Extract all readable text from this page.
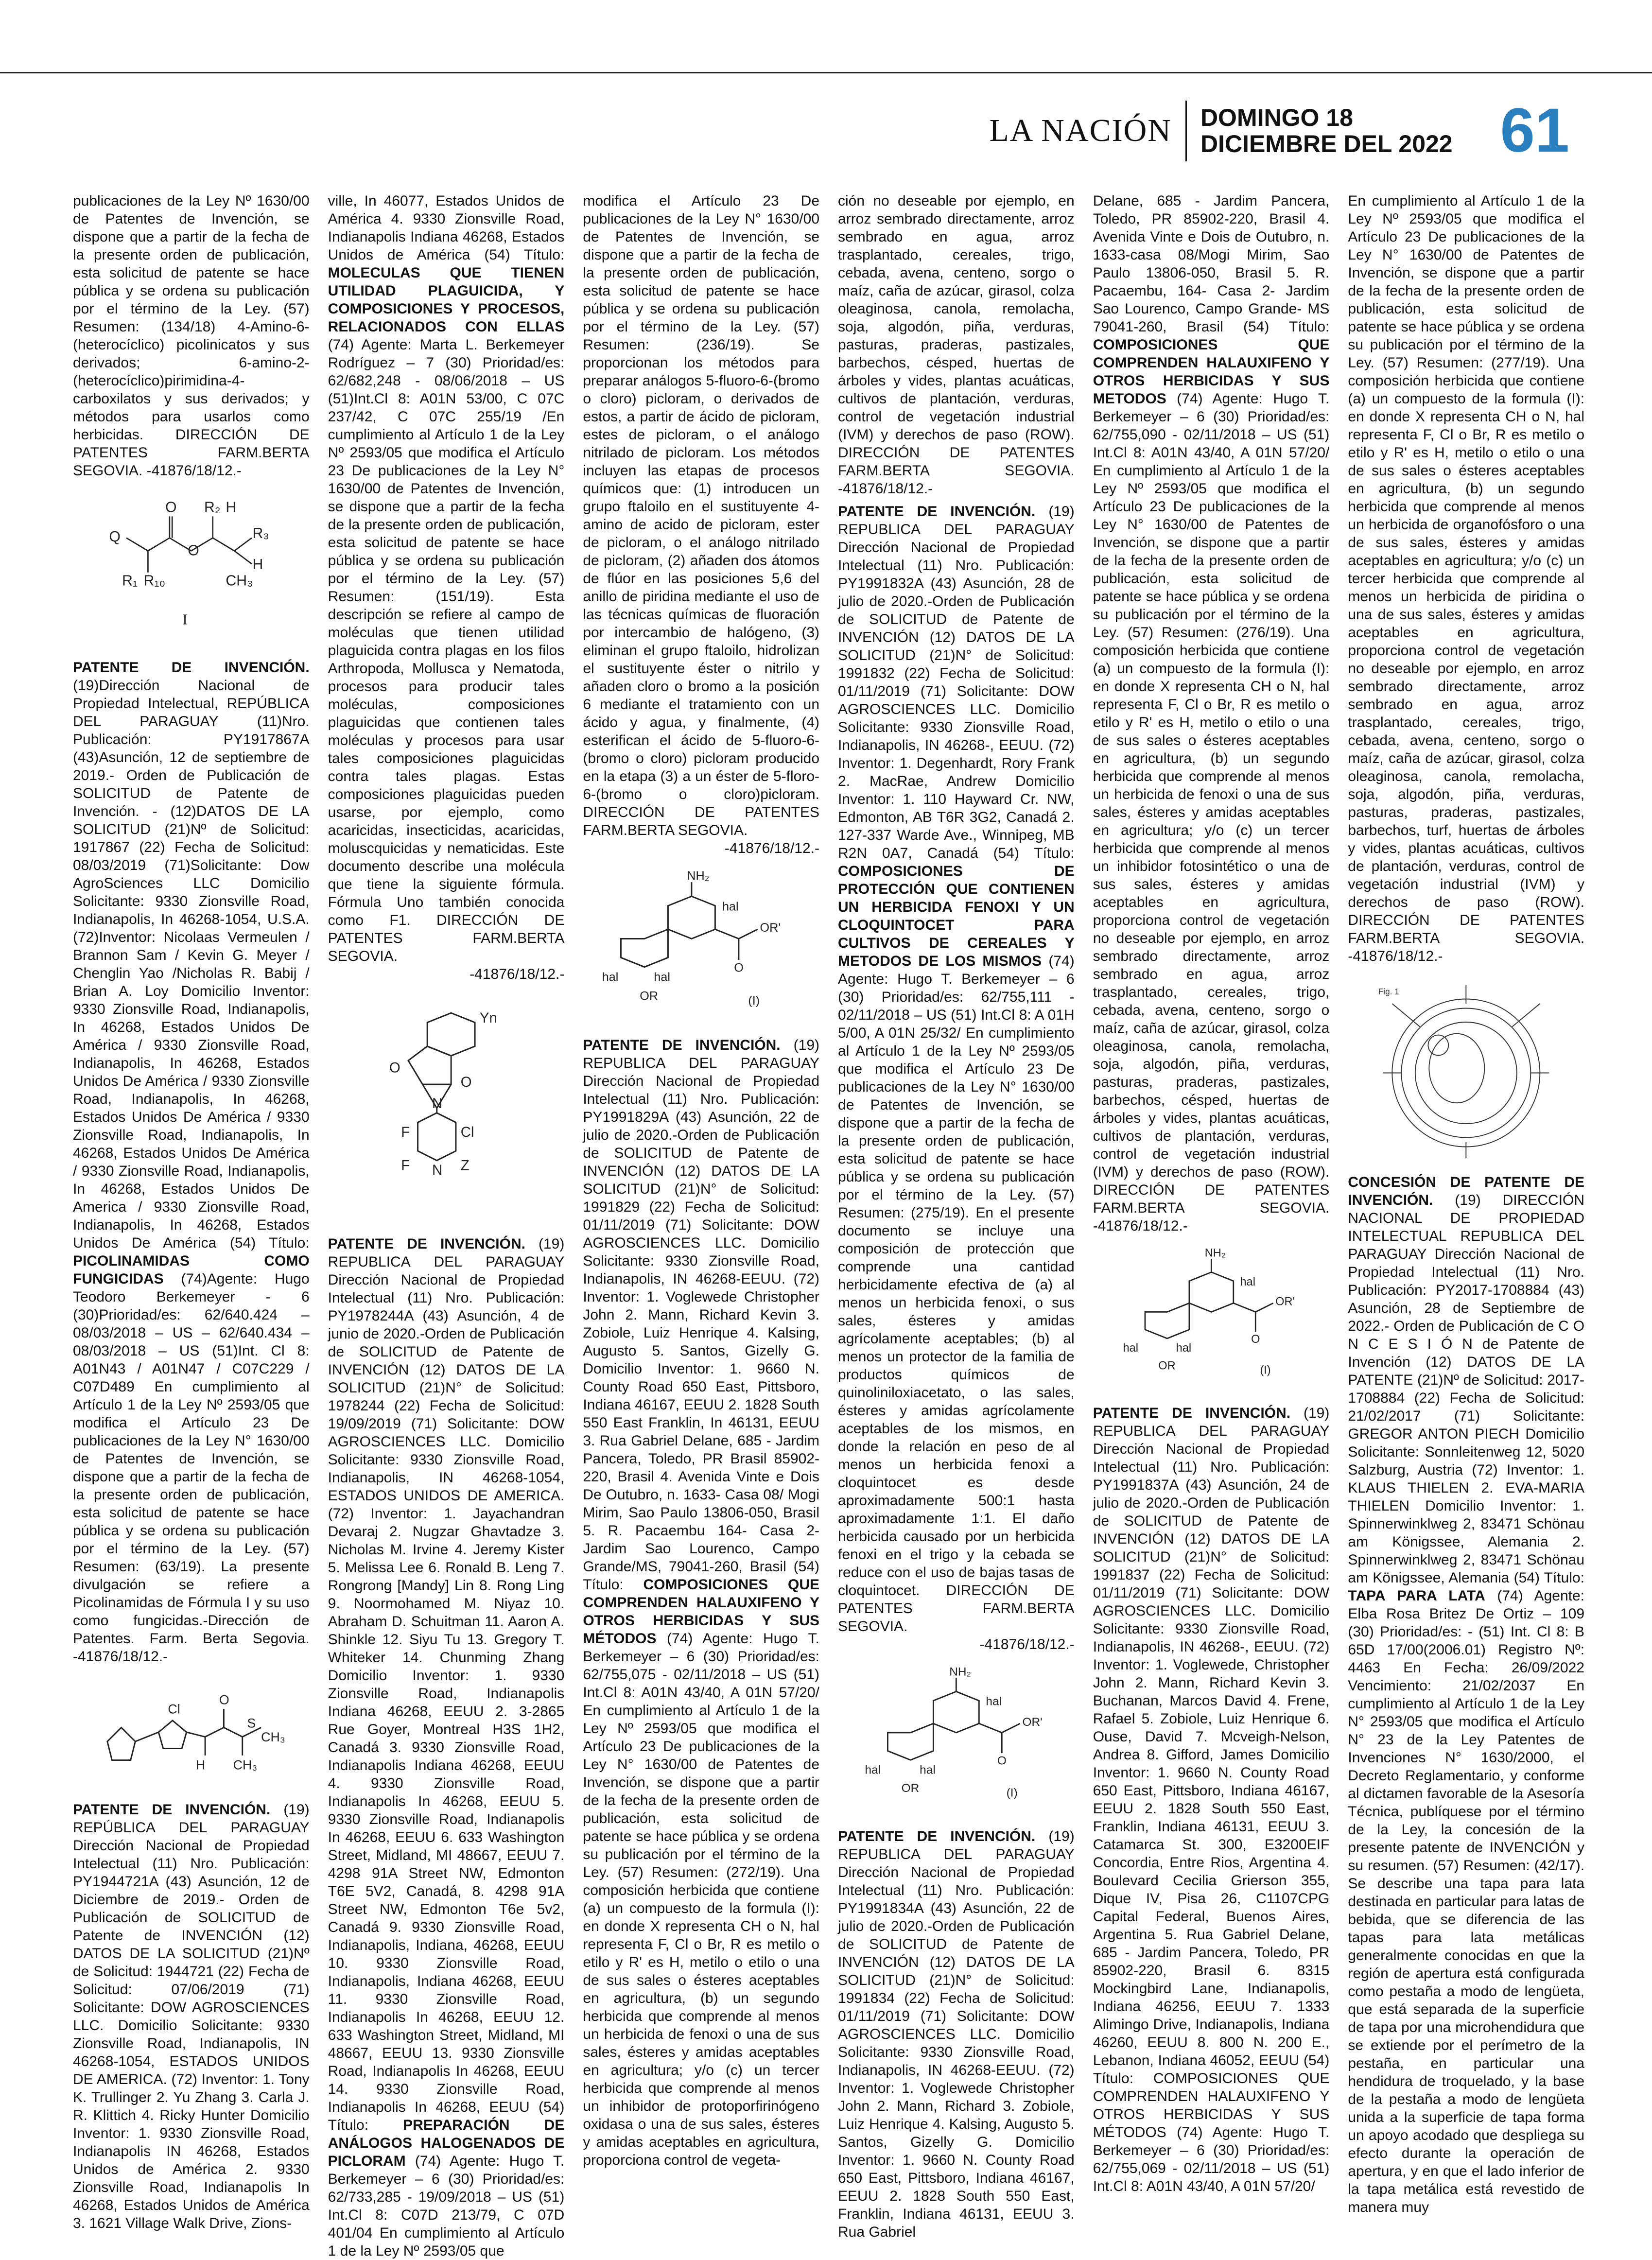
LA NACIÓN DOMINGO 18
DICIEMBRE DEL 2022 61

publicaciones de la Ley Nº 1630/00 de Patentes de Invención, se dispone que a partir de la fecha de la presente orden de publicación, esta solicitud de patente se hace pública y se ordena su publicación por el término de la Ley. (57) Resumen: (134/18) 4-Amino-6-(heterocíclico) picolinicatos y sus derivados; 6-amino-2-(heterocíclico)pirimidina-4-carboxilatos y sus derivados; y métodos para usarlos como herbicidas. DIRECCIÓN DE PATENTES FARM.BERTA SEGOVIA. -41876/18/12.-

Q
O
O
R₂ H
R₃
H
R₁ R₁₀	CH₃
I

PATENTE DE INVENCIÓN. (19)Dirección Nacional de Propiedad Intelectual, REPÚBLICA DEL PARAGUAY (11)Nro. Publicación: PY1917867A (43)Asunción, 12 de septiembre de 2019.- Orden de Publicación de SOLICITUD de Patente de Invención. - (12)DATOS DE LA SOLICITUD (21)Nº de Solicitud: 1917867 (22) Fecha de Solicitud: 08/03/2019 (71)Solicitante: Dow AgroSciences LLC Domicilio Solicitante: 9330 Zionsville Road, Indianapolis, In 46268-1054, U.S.A. (72)Inventor: Nicolaas Vermeulen / Brannon Sam / Kevin G. Meyer / Chenglin Yao /Nicholas R. Babij / Brian A. Loy Domicilio Inventor: 9330 Zionsville Road, Indianapolis, In 46268, Estados Unidos De América / 9330 Zionsville Road, Indianapolis, In 46268, Estados Unidos De América / 9330 Zionsville Road, Indianapolis, In 46268, Estados Unidos De América / 9330 Zionsville Road, Indianapolis, In 46268, Estados Unidos De América / 9330 Zionsville Road, Indianapolis, In 46268, Estados Unidos De America / 9330 Zionsville Road, Indianapolis, In 46268, Estados Unidos De América (54) Título: PICOLINAMIDAS COMO FUNGICIDAS (74)Agente: Hugo Teodoro Berkemeyer - 6 (30)Prioridad/es: 62/640.424 – 08/03/2018 – US – 62/640.434 – 08/03/2018 – US (51)Int. Cl 8: A01N43 / A01N47 / C07C229 / C07D489 En cumplimiento al Artículo 1 de la Ley Nº 2593/05 que modifica el Artículo 23 De publicaciones de la Ley N° 1630/00 de Patentes de Invención, se dispone que a partir de la fecha de la presente orden de publicación, esta solicitud de patente se hace pública y se ordena su publicación por el término de la Ley. (57) Resumen: (63/19). La presente divulgación se refiere a Picolinamidas de Fórmula I y su uso como fungicidas.-Dirección de Patentes. Farm. Berta Segovia. -41876/18/12.-

Cl
O
S
CH₃
H CH₃

PATENTE DE INVENCIÓN. (19) REPÚBLICA DEL PARAGUAY Dirección Nacional de Propiedad Intelectual (11) Nro. Publicación: PY1944721A (43) Asunción, 12 de Diciembre de 2019.- Orden de Publicación de SOLICITUD de Patente de INVENCIÓN (12) DATOS DE LA SOLICITUD (21)Nº de Solicitud: 1944721 (22) Fecha de Solicitud: 07/06/2019 (71) Solicitante: DOW AGROSCIENCES LLC. Domicilio Solicitante: 9330 Zionsville Road, Indianapolis, IN 46268-1054, ESTADOS UNIDOS DE AMERICA. (72) Inventor: 1. Tony K. Trullinger 2. Yu Zhang 3. Carla J. R. Klittich 4. Ricky Hunter Domicilio Inventor: 1. 9330 Zionsville Road, Indianapolis IN 46268, Estados Unidos de América 2. 9330 Zionsville Road, Indianapolis In 46268, Estados Unidos de América 3. 1621 Village Walk Drive, Zions-

ville, In 46077, Estados Unidos de América 4. 9330 Zionsville Road, Indianapolis Indiana 46268, Estados Unidos de América (54) Título: MOLECULAS QUE TIENEN UTILIDAD PLAGUICIDA, Y COMPOSICIONES Y PROCESOS, RELACIONADOS CON ELLAS (74) Agente: Marta L. Berkemeyer Rodríguez – 7 (30) Prioridad/es: 62/682,248 - 08/06/2018 – US (51)Int.Cl 8: A01N 53/00, C 07C 237/42, C 07C 255/19 /En cumplimiento al Artículo 1 de la Ley Nº 2593/05 que modifica el Artículo 23 De publicaciones de la Ley N° 1630/00 de Patentes de Invención, se dispone que a partir de la fecha de la presente orden de publicación, esta solicitud de patente se hace pública y se ordena su publicación por el término de la Ley. (57) Resumen: (151/19). Esta descripción se refiere al campo de moléculas que tienen utilidad plaguicida contra plagas en los filos Arthropoda, Mollusca y Nematoda, procesos para producir tales moléculas, composiciones plaguicidas que contienen tales moléculas y procesos para usar tales composiciones plaguicidas contra tales plagas. Estas composiciones plaguicidas pueden usarse, por ejemplo, como acaricidas, insecticidas, acaricidas, moluscquicidas y nematicidas. Este documento describe una molécula que tiene la siguiente fórmula. Fórmula Uno también conocida como F1. DIRECCIÓN DE PATENTES FARM.BERTA SEGOVIA.
-41876/18/12.-

Yn
O
O
N
F	Cl
F N Z

PATENTE DE INVENCIÓN. (19) REPUBLICA DEL PARAGUAY Dirección Nacional de Propiedad Intelectual (11) Nro. Publicación: PY1978244A (43) Asunción, 4 de junio de 2020.-Orden de Publicación de SOLICITUD de Patente de INVENCIÓN (12) DATOS DE LA SOLICITUD (21)N° de Solicitud: 1978244 (22) Fecha de Solicitud: 19/09/2019 (71) Solicitante: DOW AGROSCIENCES LLC. Domicilio Solicitante: 9330 Zionsville Road, Indianapolis, IN 46268-1054, ESTADOS UNIDOS DE AMERICA. (72) Inventor: 1. Jayachandran Devaraj 2. Nugzar Ghavtadze 3. Nicholas M. Irvine 4. Jeremy Kister 5. Melissa Lee 6. Ronald B. Leng 7. Rongrong [Mandy] Lin 8. Rong Ling 9. Noormohamed M. Niyaz 10. Abraham D. Schuitman 11. Aaron A. Shinkle 12. Siyu Tu 13. Gregory T. Whiteker 14. Chunming Zhang Domicilio Inventor: 1. 9330 Zionsville Road, Indianapolis Indiana 46268, EEUU 2. 3-2865 Rue Goyer, Montreal H3S 1H2, Canadá 3. 9330 Zionsville Road, Indianapolis Indiana 46268, EEUU 4. 9330 Zionsville Road, Indianapolis In 46268, EEUU 5. 9330 Zionsville Road, Indianapolis In 46268, EEUU 6. 633 Washington Street, Midland, MI 48667, EEUU 7. 4298 91A Street NW, Edmonton T6E 5V2, Canadá, 8. 4298 91A Street NW, Edmonton T6e 5v2, Canadá 9. 9330 Zionsville Road, Indianapolis, Indiana, 46268, EEUU 10. 9330 Zionsville Road, Indianapolis, Indiana 46268, EEUU 11. 9330 Zionsville Road, Indianapolis In 46268, EEUU 12. 633 Washington Street, Midland, MI 48667, EEUU 13. 9330 Zionsville Road, Indianapolis In 46268, EEUU 14. 9330 Zionsville Road, Indianapolis In 46268, EEUU (54) Título: PREPARACIÓN DE ANÁLOGOS HALOGENADOS DE PICLORAM (74) Agente: Hugo T. Berkemeyer – 6 (30) Prioridad/es: 62/733,285 - 19/09/2018 – US (51) Int.Cl 8: C07D 213/79, C 07D 401/04 En cumplimiento al Artículo 1 de la Ley Nº 2593/05 que

modifica el Artículo 23 De publicaciones de la Ley N° 1630/00 de Patentes de Invención, se dispone que a partir de la fecha de la presente orden de publicación, esta solicitud de patente se hace pública y se ordena su publicación por el término de la Ley. (57) Resumen: (236/19). Se proporcionan los métodos para preparar análogos 5-fluoro-6-(bromo o cloro) picloram, o derivados de estos, a partir de ácido de picloram, estes de picloram, o el análogo nitrilado de picloram. Los métodos incluyen las etapas de procesos químicos que: (1) introducen un grupo ftaloilo en el sustituyente 4- amino de acido de picloram, ester de picloram, o el análogo nitrilado de picloram, (2) añaden dos átomos de flúor en las posiciones 5,6 del anillo de piridina mediante el uso de las técnicas químicas de fluoración por intercambio de halógeno, (3) eliminan el grupo ftaloilo, hidrolizan el sustituyente éster o nitrilo y añaden cloro o bromo a la posición 6 mediante el tratamiento con un ácido y agua, y finalmente, (4) esterifican el ácido de 5-fluoro-6-(bromo o cloro) picloram producido en la etapa (3) a un éster de 5-floro-6-(bromo o cloro)picloram. DIRECCIÓN DE PATENTES FARM.BERTA SEGOVIA.
-41876/18/12.-

NH₂
hal
OR'
O
hal	hal
OR	(I)

PATENTE DE INVENCIÓN. (19) REPUBLICA DEL PARAGUAY Dirección Nacional de Propiedad Intelectual (11) Nro. Publicación: PY1991829A (43) Asunción, 22 de julio de 2020.-Orden de Publicación de SOLICITUD de Patente de INVENCIÓN (12) DATOS DE LA SOLICITUD (21)N° de Solicitud: 1991829 (22) Fecha de Solicitud: 01/11/2019 (71) Solicitante: DOW AGROSCIENCES LLC. Domicilio Solicitante: 9330 Zionsville Road, Indianapolis, IN 46268-EEUU. (72) Inventor: 1. Voglewede Christopher John 2. Mann, Richard Kevin 3. Zobiole, Luiz Henrique 4. Kalsing, Augusto 5. Santos, Gizelly G. Domicilio Inventor: 1. 9660 N. County Road 650 East, Pittsboro, Indiana 46167, EEUU 2. 1828 South 550 East Franklin, In 46131, EEUU 3. Rua Gabriel Delane, 685 - Jardim Pancera, Toledo, PR Brasil 85902-220, Brasil 4. Avenida Vinte e Dois De Outubro, n. 1633- Casa 08/ Mogi Mirim, Sao Paulo 13806-050, Brasil 5. R. Pacaembu 164- Casa 2- Jardim Sao Lourenco, Campo Grande/MS, 79041-260, Brasil (54) Título: COMPOSICIONES QUE COMPRENDEN HALAUXIFENO Y OTROS HERBICIDAS Y SUS MÉTODOS (74) Agente: Hugo T. Berkemeyer – 6 (30) Prioridad/es: 62/755,075 - 02/11/2018 – US (51) Int.Cl 8: A01N 43/40, A 01N 57/20/ En cumplimiento al Artículo 1 de la Ley Nº 2593/05 que modifica el Artículo 23 De publicaciones de la Ley N° 1630/00 de Patentes de Invención, se dispone que a partir de la fecha de la presente orden de publicación, esta solicitud de patente se hace pública y se ordena su publicación por el término de la Ley. (57) Resumen: (272/19). Una composición herbicida que contiene (a) un compuesto de la formula (I): en donde X representa CH o N, hal representa F, Cl o Br, R es metilo o etilo y R' es H, metilo o etilo o una de sus sales o ésteres aceptables en agricultura, (b) un segundo herbicida que comprende al menos un herbicida de fenoxi o una de sus sales, ésteres y amidas aceptables en agricultura; y/o (c) un tercer herbicida que comprende al menos un inhibidor de protoporfirinógeno oxidasa o una de sus sales, ésteres y amidas aceptables en agricultura, proporciona control de vegeta-

ción no deseable por ejemplo, en arroz sembrado directamente, arroz sembrado en agua, arroz trasplantado, cereales, trigo, cebada, avena, centeno, sorgo o maíz, caña de azúcar, girasol, colza oleaginosa, canola, remolacha, soja, algodón, piña, verduras, pasturas, praderas, pastizales, barbechos, césped, huertas de árboles y vides, plantas acuáticas, cultivos de plantación, verduras, control de vegetación industrial (IVM) y derechos de paso (ROW). DIRECCIÓN DE PATENTES FARM.BERTA SEGOVIA. -41876/18/12.-

PATENTE DE INVENCIÓN. (19) REPUBLICA DEL PARAGUAY Dirección Nacional de Propiedad Intelectual (11) Nro. Publicación: PY1991832A (43) Asunción, 28 de julio de 2020.-Orden de Publicación de SOLICITUD de Patente de INVENCIÓN (12) DATOS DE LA SOLICITUD (21)N° de Solicitud: 1991832 (22) Fecha de Solicitud: 01/11/2019 (71) Solicitante: DOW AGROSCIENCES LLC. Domicilio Solicitante: 9330 Zionsville Road, Indianapolis, IN 46268-, EEUU. (72) Inventor: 1. Degenhardt, Rory Frank 2. MacRae, Andrew Domicilio Inventor: 1. 110 Hayward Cr. NW, Edmonton, AB T6R 3G2, Canadá 2. 127-337 Warde Ave., Winnipeg, MB R2N 0A7, Canadá (54) Título: COMPOSICIONES DE PROTECCIÓN QUE CONTIENEN UN HERBICIDA FENOXI Y UN CLOQUINTOCET PARA CULTIVOS DE CEREALES Y METODOS DE LOS MISMOS (74) Agente: Hugo T. Berkemeyer – 6 (30) Prioridad/es: 62/755,111 - 02/11/2018 – US (51) Int.Cl 8: A 01H 5/00, A 01N 25/32/ En cumplimiento al Artículo 1 de la Ley Nº 2593/05 que modifica el Artículo 23 De publicaciones de la Ley N° 1630/00 de Patentes de Invención, se dispone que a partir de la fecha de la presente orden de publicación, esta solicitud de patente se hace pública y se ordena su publicación por el término de la Ley. (57) Resumen: (275/19). En el presente documento se incluye una composición de protección que comprende una cantidad herbicidamente efectiva de (a) al menos un herbicida fenoxi, o sus sales, ésteres y amidas agrícolamente aceptables; (b) al menos un protector de la familia de productos químicos de quinoliniloxiacetato, o las sales, ésteres y amidas agrícolamente aceptables de los mismos, en donde la relación en peso de al menos un herbicida fenoxi a cloquintocet es desde aproximadamente 500:1 hasta aproximadamente 1:1. El daño herbicida causado por un herbicida fenoxi en el trigo y la cebada se reduce con el uso de bajas tasas de cloquintocet. DIRECCIÓN DE PATENTES FARM.BERTA SEGOVIA.
-41876/18/12.-

NH₂
hal
OR'
O
hal	hal
OR	(I)

PATENTE DE INVENCIÓN. (19) REPUBLICA DEL PARAGUAY Dirección Nacional de Propiedad Intelectual (11) Nro. Publicación: PY1991834A (43) Asunción, 22 de julio de 2020.-Orden de Publicación de SOLICITUD de Patente de INVENCIÓN (12) DATOS DE LA SOLICITUD (21)N° de Solicitud: 1991834 (22) Fecha de Solicitud: 01/11/2019 (71) Solicitante: DOW AGROSCIENCES LLC. Domicilio Solicitante: 9330 Zionsville Road, Indianapolis, IN 46268-EEUU. (72) Inventor: 1. Voglewede Christopher John 2. Mann, Richard 3. Zobiole, Luiz Henrique 4. Kalsing, Augusto 5. Santos, Gizelly G. Domicilio Inventor: 1. 9660 N. County Road 650 East, Pittsboro, Indiana 46167, EEUU 2. 1828 South 550 East, Franklin, Indiana 46131, EEUU 3. Rua Gabriel

Delane, 685 - Jardim Pancera, Toledo, PR 85902-220, Brasil 4. Avenida Vinte e Dois de Outubro, n. 1633-casa 08/Mogi Mirim, Sao Paulo 13806-050, Brasil 5. R. Pacaembu, 164- Casa 2- Jardim Sao Lourenco, Campo Grande- MS 79041-260, Brasil (54) Título: COMPOSICIONES QUE COMPRENDEN HALAUXIFENO Y OTROS HERBICIDAS Y SUS METODOS (74) Agente: Hugo T. Berkemeyer – 6 (30) Prioridad/es: 62/755,090 - 02/11/2018 – US (51) Int.Cl 8: A01N 43/40, A 01N 57/20/ En cumplimiento al Artículo 1 de la Ley Nº 2593/05 que modifica el Artículo 23 De publicaciones de la Ley N° 1630/00 de Patentes de Invención, se dispone que a partir de la fecha de la presente orden de publicación, esta solicitud de patente se hace pública y se ordena su publicación por el término de la Ley. (57) Resumen: (276/19). Una composición herbicida que contiene (a) un compuesto de la formula (I): en donde X representa CH o N, hal representa F, Cl o Br, R es metilo o etilo y R' es H, metilo o etilo o una de sus sales o ésteres aceptables en agricultura, (b) un segundo herbicida que comprende al menos un herbicida de fenoxi o una de sus sales, ésteres y amidas aceptables en agricultura; y/o (c) un tercer herbicida que comprende al menos un inhibidor fotosintético o una de sus sales, ésteres y amidas aceptables en agricultura, proporciona control de vegetación no deseable por ejemplo, en arroz sembrado directamente, arroz sembrado en agua, arroz trasplantado, cereales, trigo, cebada, avena, centeno, sorgo o maíz, caña de azúcar, girasol, colza oleaginosa, canola, remolacha, soja, algodón, piña, verduras, pasturas, praderas, pastizales, barbechos, césped, huertas de árboles y vides, plantas acuáticas, cultivos de plantación, verduras, control de vegetación industrial (IVM) y derechos de paso (ROW). DIRECCIÓN DE PATENTES FARM.BERTA SEGOVIA. -41876/18/12.-

NH₂
hal
OR'
O
hal	hal
OR	(I)

PATENTE DE INVENCIÓN. (19) REPUBLICA DEL PARAGUAY Dirección Nacional de Propiedad Intelectual (11) Nro. Publicación: PY1991837A (43) Asunción, 24 de julio de 2020.-Orden de Publicación de SOLICITUD de Patente de INVENCIÓN (12) DATOS DE LA SOLICITUD (21)N° de Solicitud: 1991837 (22) Fecha de Solicitud: 01/11/2019 (71) Solicitante: DOW AGROSCIENCES LLC. Domicilio Solicitante: 9330 Zionsville Road, Indianapolis, IN 46268-, EEUU. (72) Inventor: 1. Voglewede, Christopher John 2. Mann, Richard Kevin 3. Buchanan, Marcos David 4. Frene, Rafael 5. Zobiole, Luiz Henrique 6. Ouse, David 7. Mcveigh-Nelson, Andrea 8. Gifford, James Domicilio Inventor: 1. 9660 N. County Road 650 East, Pittsboro, Indiana 46167, EEUU 2. 1828 South 550 East, Franklin, Indiana 46131, EEUU 3. Catamarca St. 300, E3200EIF Concordia, Entre Rios, Argentina 4. Boulevard Cecilia Grierson 355, Dique IV, Pisa 26, C1107CPG Capital Federal, Buenos Aires, Argentina 5. Rua Gabriel Delane, 685 - Jardim Pancera, Toledo, PR 85902-220, Brasil 6. 8315 Mockingbird Lane, Indianapolis, Indiana 46256, EEUU 7. 1333 Alimingo Drive, Indianapolis, Indiana 46260, EEUU 8. 800 N. 200 E., Lebanon, Indiana 46052, EEUU (54) Título: COMPOSICIONES QUE COMPRENDEN HALAUXIFENO Y OTROS HERBICIDAS Y SUS MÉTODOS (74) Agente: Hugo T. Berkemeyer – 6 (30) Prioridad/es: 62/755,069 - 02/11/2018 – US (51) Int.Cl 8: A01N 43/40, A 01N 57/20/

En cumplimiento al Artículo 1 de la Ley Nº 2593/05 que modifica el Artículo 23 De publicaciones de la Ley N° 1630/00 de Patentes de Invención, se dispone que a partir de la fecha de la presente orden de publicación, esta solicitud de patente se hace pública y se ordena su publicación por el término de la Ley. (57) Resumen: (277/19). Una composición herbicida que contiene (a) un compuesto de la formula (I): en donde X representa CH o N, hal representa F, Cl o Br, R es metilo o etilo y R' es H, metilo o etilo o una de sus sales o ésteres aceptables en agricultura, (b) un segundo herbicida que comprende al menos un herbicida de organofósforo o una de sus sales, ésteres y amidas aceptables en agricultura; y/o (c) un tercer herbicida que comprende al menos un herbicida de piridina o una de sus sales, ésteres y amidas aceptables en agricultura, proporciona control de vegetación no deseable por ejemplo, en arroz sembrado directamente, arroz sembrado en agua, arroz trasplantado, cereales, trigo, cebada, avena, centeno, sorgo o maíz, caña de azúcar, girasol, colza oleaginosa, canola, remolacha, soja, algodón, piña, verduras, pasturas, praderas, pastizales, barbechos, turf, huertas de árboles y vides, plantas acuáticas, cultivos de plantación, verduras, control de vegetación industrial (IVM) y derechos de paso (ROW). DIRECCIÓN DE PATENTES FARM.BERTA SEGOVIA. -41876/18/12.-

Fig. 1

CONCESIÓN DE PATENTE DE INVENCIÓN. (19) DIRECCIÓN NACIONAL DE PROPIEDAD INTELECTUAL REPUBLICA DEL PARAGUAY Dirección Nacional de Propiedad Intelectual (11) Nro. Publicación: PY2017-1708884 (43) Asunción, 28 de Septiembre de 2022.- Orden de Publicación de C O N C E S I Ó N de Patente de Invención (12) DATOS DE LA PATENTE (21)Nº de Solicitud: 2017-1708884 (22) Fecha de Solicitud: 21/02/2017 (71) Solicitante: GREGOR ANTON PIECH Domicilio Solicitante: Sonnleitenweg 12, 5020 Salzburg, Austria (72) Inventor: 1. KLAUS THIELEN 2. EVA-MARIA THIELEN Domicilio Inventor: 1. Spinnerwinklweg 2, 83471 Schönau am Königssee, Alemania 2. Spinnerwinklweg 2, 83471 Schönau am Königssee, Alemania (54) Título: TAPA PARA LATA (74) Agente: Elba Rosa Britez De Ortiz – 109 (30) Prioridad/es: - (51) Int. Cl 8: B 65D 17/00(2006.01) Registro Nº: 4463 En Fecha: 26/09/2022 Vencimiento: 21/02/2037 En cumplimiento al Artículo 1 de la Ley N° 2593/05 que modifica el Artículo N° 23 de la Ley Patentes de Invenciones N° 1630/2000, el Decreto Reglamentario, y conforme al dictamen favorable de la Asesoría Técnica, publíquese por el término de la Ley, la concesión de la presente patente de INVENCIÓN y su resumen. (57) Resumen: (42/17). Se describe una tapa para lata destinada en particular para latas de bebida, que se diferencia de las tapas para lata metálicas generalmente conocidas en que la región de apertura está configurada como pestaña a modo de lengüeta, que está separada de la superficie de tapa por una microhendidura que se extiende por el perímetro de la pestaña, en particular una hendidura de troquelado, y la base de la pestaña a modo de lengüeta unida a la superficie de tapa forma un apoyo acodado que despliega su efecto durante la operación de apertura, y en que el lado inferior de la tapa metálica está revestido de manera muy
